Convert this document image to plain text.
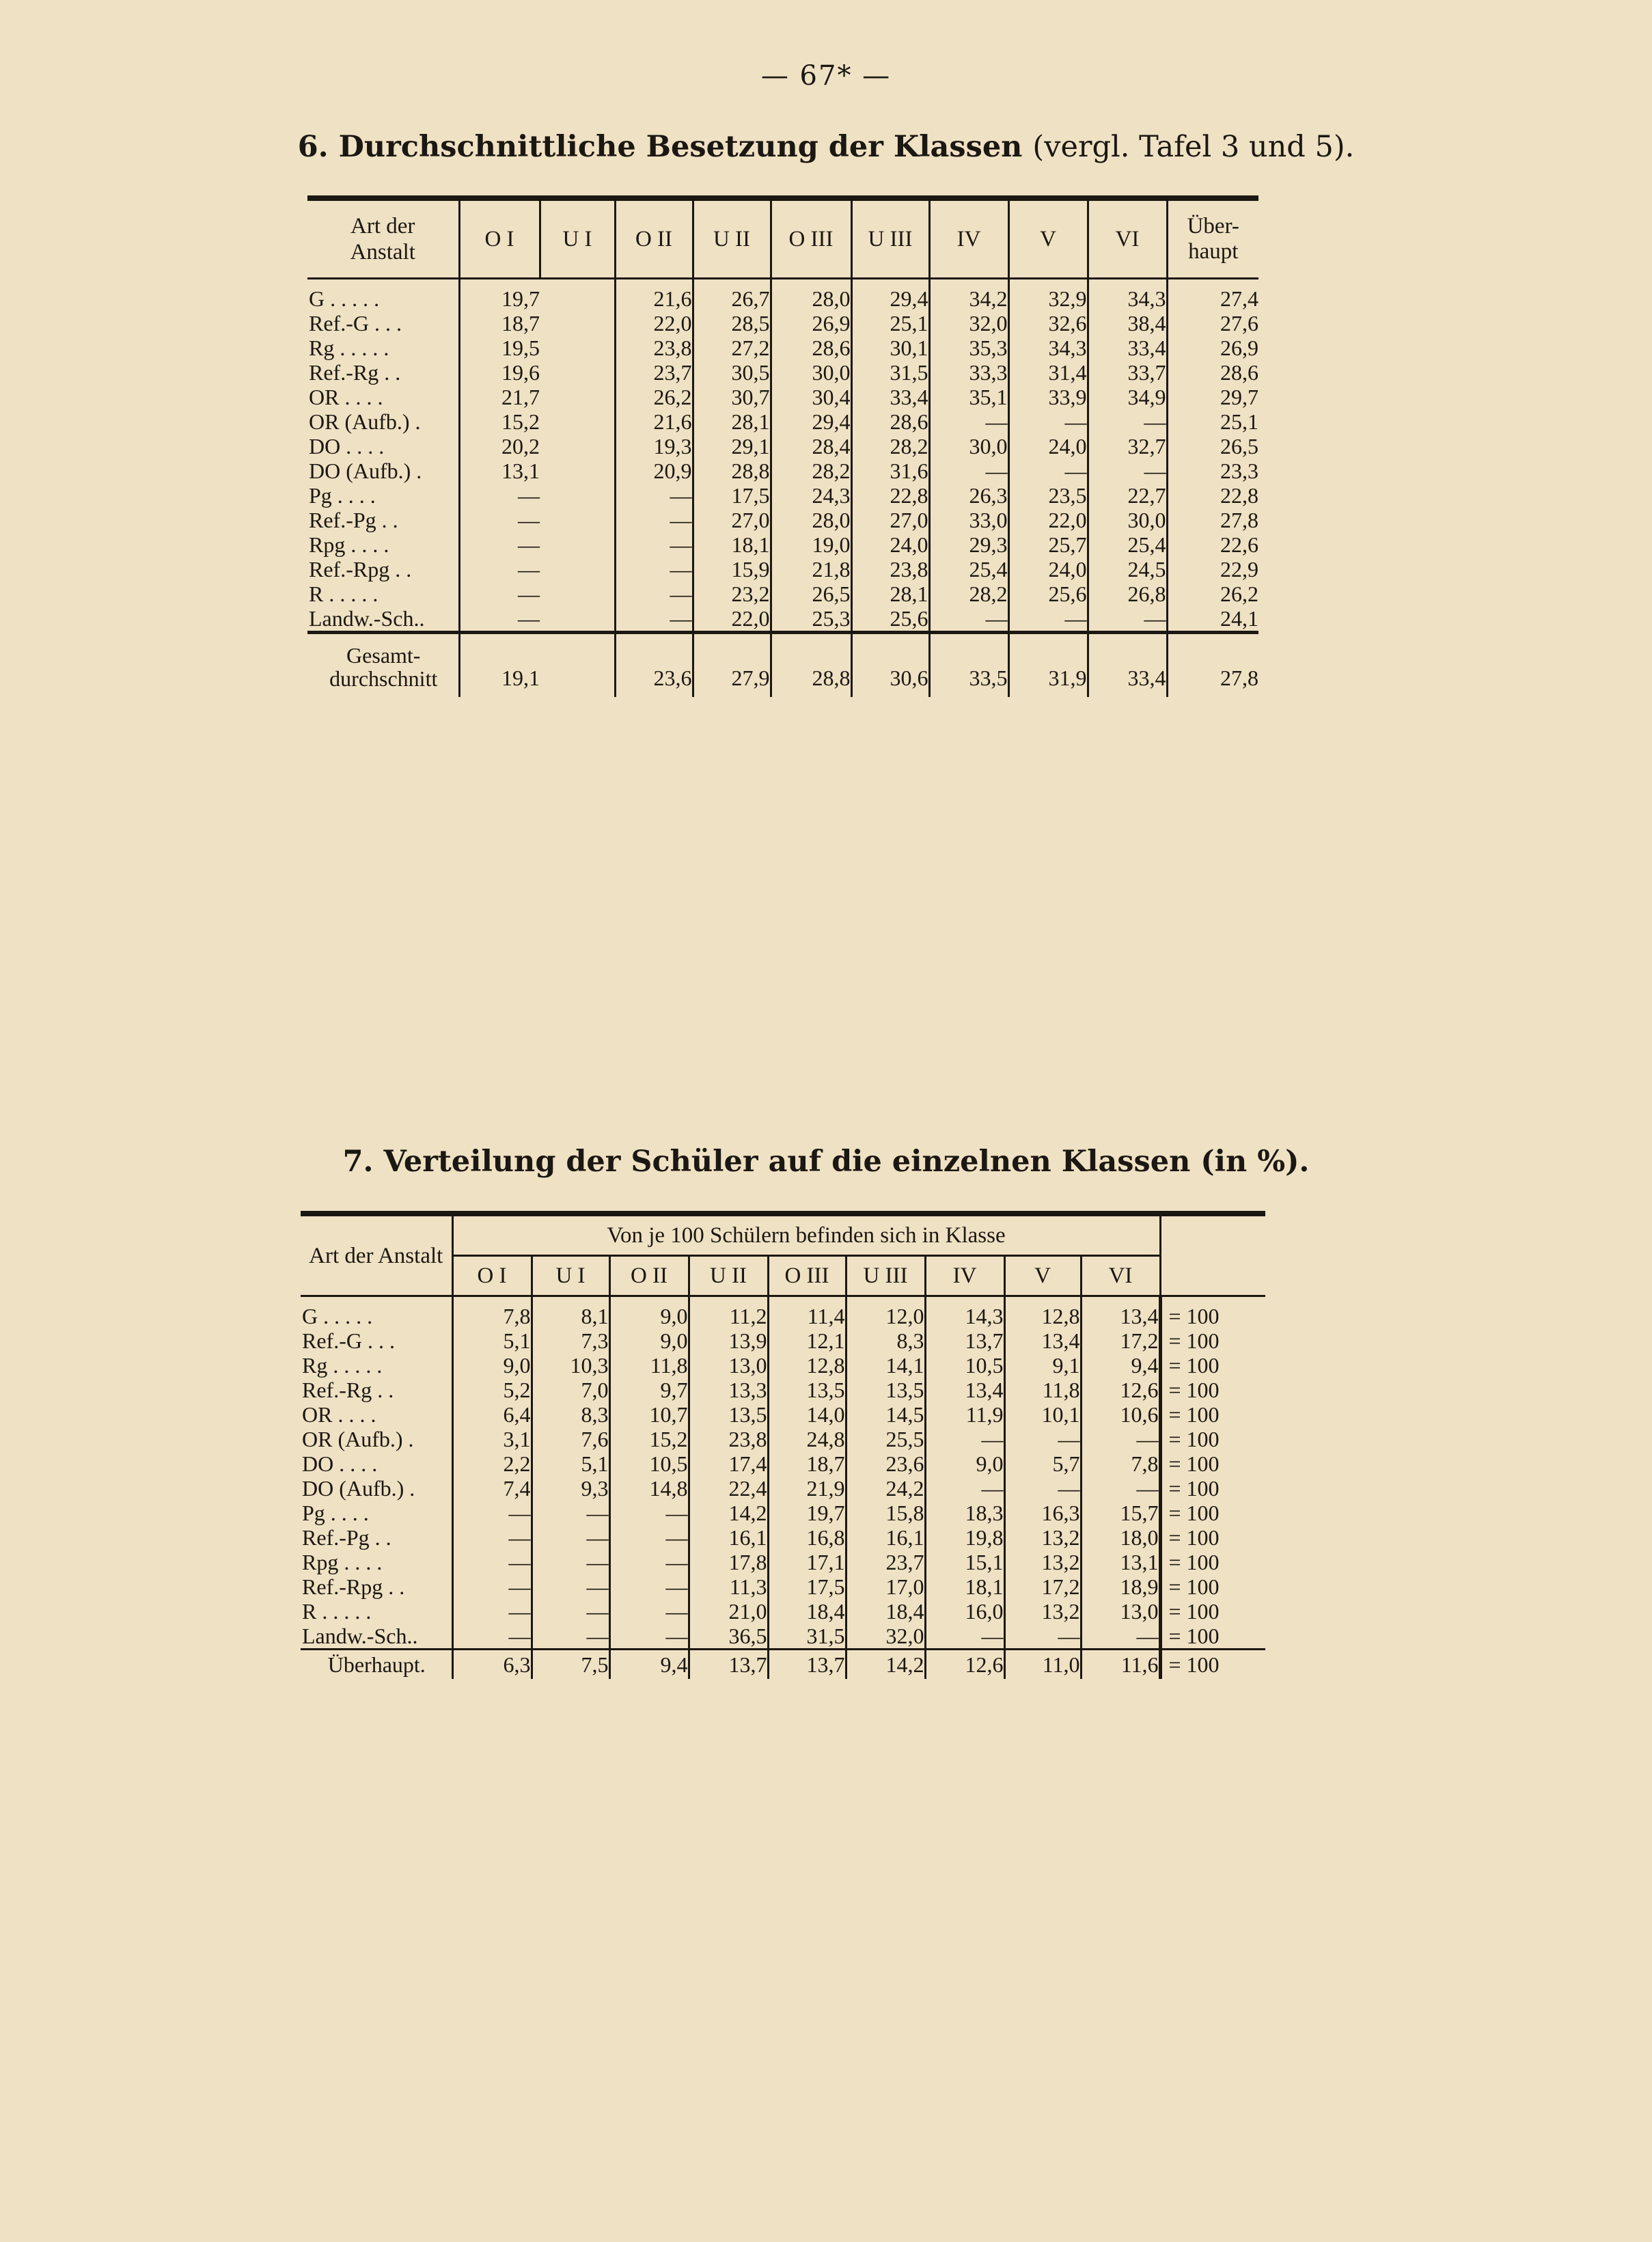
— 67* —
6. Durchschnittliche Besetzung der Klassen (vergl. Tafel 3 und 5).

Art der
Anstalt	O I	U I	O II	U II	O III	U III	IV	V	VI	Über-
haupt
G . . . . .	19,7		21,6	26,7	28,0	29,4	34,2	32,9	34,3	27,4
Ref.-G . . .	18,7		22,0	28,5	26,9	25,1	32,0	32,6	38,4	27,6
Rg . . . . .	19,5		23,8	27,2	28,6	30,1	35,3	34,3	33,4	26,9
Ref.-Rg . .	19,6		23,7	30,5	30,0	31,5	33,3	31,4	33,7	28,6
OR . . . .	21,7		26,2	30,7	30,4	33,4	35,1	33,9	34,9	29,7
OR (Aufb.) .	15,2		21,6	28,1	29,4	28,6	—	—	—	25,1
DO . . . .	20,2		19,3	29,1	28,4	28,2	30,0	24,0	32,7	26,5
DO (Aufb.) .	13,1		20,9	28,8	28,2	31,6	—	—	—	23,3
Pg . . . .	—		—	17,5	24,3	22,8	26,3	23,5	22,7	22,8
Ref.-Pg . .	—		—	27,0	28,0	27,0	33,0	22,0	30,0	27,8
Rpg . . . .	—		—	18,1	19,0	24,0	29,3	25,7	25,4	22,6
Ref.-Rpg . .	—		—	15,9	21,8	23,8	25,4	24,0	24,5	22,9
R . . . . .	—		—	23,2	26,5	28,1	28,2	25,6	26,8	26,2
Landw.-Sch..	—		—	22,0	25,3	25,6	—	—	—	24,1
Gesamt-
durchschnitt	19,1		23,6	27,9	28,8	30,6	33,5	31,9	33,4	27,8
7. Verteilung der Schüler auf die einzelnen Klassen (in %).

Art der Anstalt	Von je 100 Schülern befinden sich in Klasse									
	O I	U I	O II	U II	O III	U III	IV	V	VI	
G . . . . .	7,8	8,1	9,0	11,2	11,4	12,0	14,3	12,8	13,4	= 100
Ref.-G . . .	5,1	7,3	9,0	13,9	12,1	8,3	13,7	13,4	17,2	= 100
Rg . . . . .	9,0	10,3	11,8	13,0	12,8	14,1	10,5	9,1	9,4	= 100
Ref.-Rg . .	5,2	7,0	9,7	13,3	13,5	13,5	13,4	11,8	12,6	= 100
OR . . . .	6,4	8,3	10,7	13,5	14,0	14,5	11,9	10,1	10,6	= 100
OR (Aufb.) .	3,1	7,6	15,2	23,8	24,8	25,5	—	—	—	= 100
DO . . . .	2,2	5,1	10,5	17,4	18,7	23,6	9,0	5,7	7,8	= 100
DO (Aufb.) .	7,4	9,3	14,8	22,4	21,9	24,2	—	—	—	= 100
Pg . . . .	—	—	—	14,2	19,7	15,8	18,3	16,3	15,7	= 100
Ref.-Pg . .	—	—	—	16,1	16,8	16,1	19,8	13,2	18,0	= 100
Rpg . . . .	—	—	—	17,8	17,1	23,7	15,1	13,2	13,1	= 100
Ref.-Rpg . .	—	—	—	11,3	17,5	17,0	18,1	17,2	18,9	= 100
R . . . . .	—	—	—	21,0	18,4	18,4	16,0	13,2	13,0	= 100
Landw.-Sch..	—	—	—	36,5	31,5	32,0	—	—	—	= 100
Überhaupt.	6,3	7,5	9,4	13,7	13,7	14,2	12,6	11,0	11,6	= 100
